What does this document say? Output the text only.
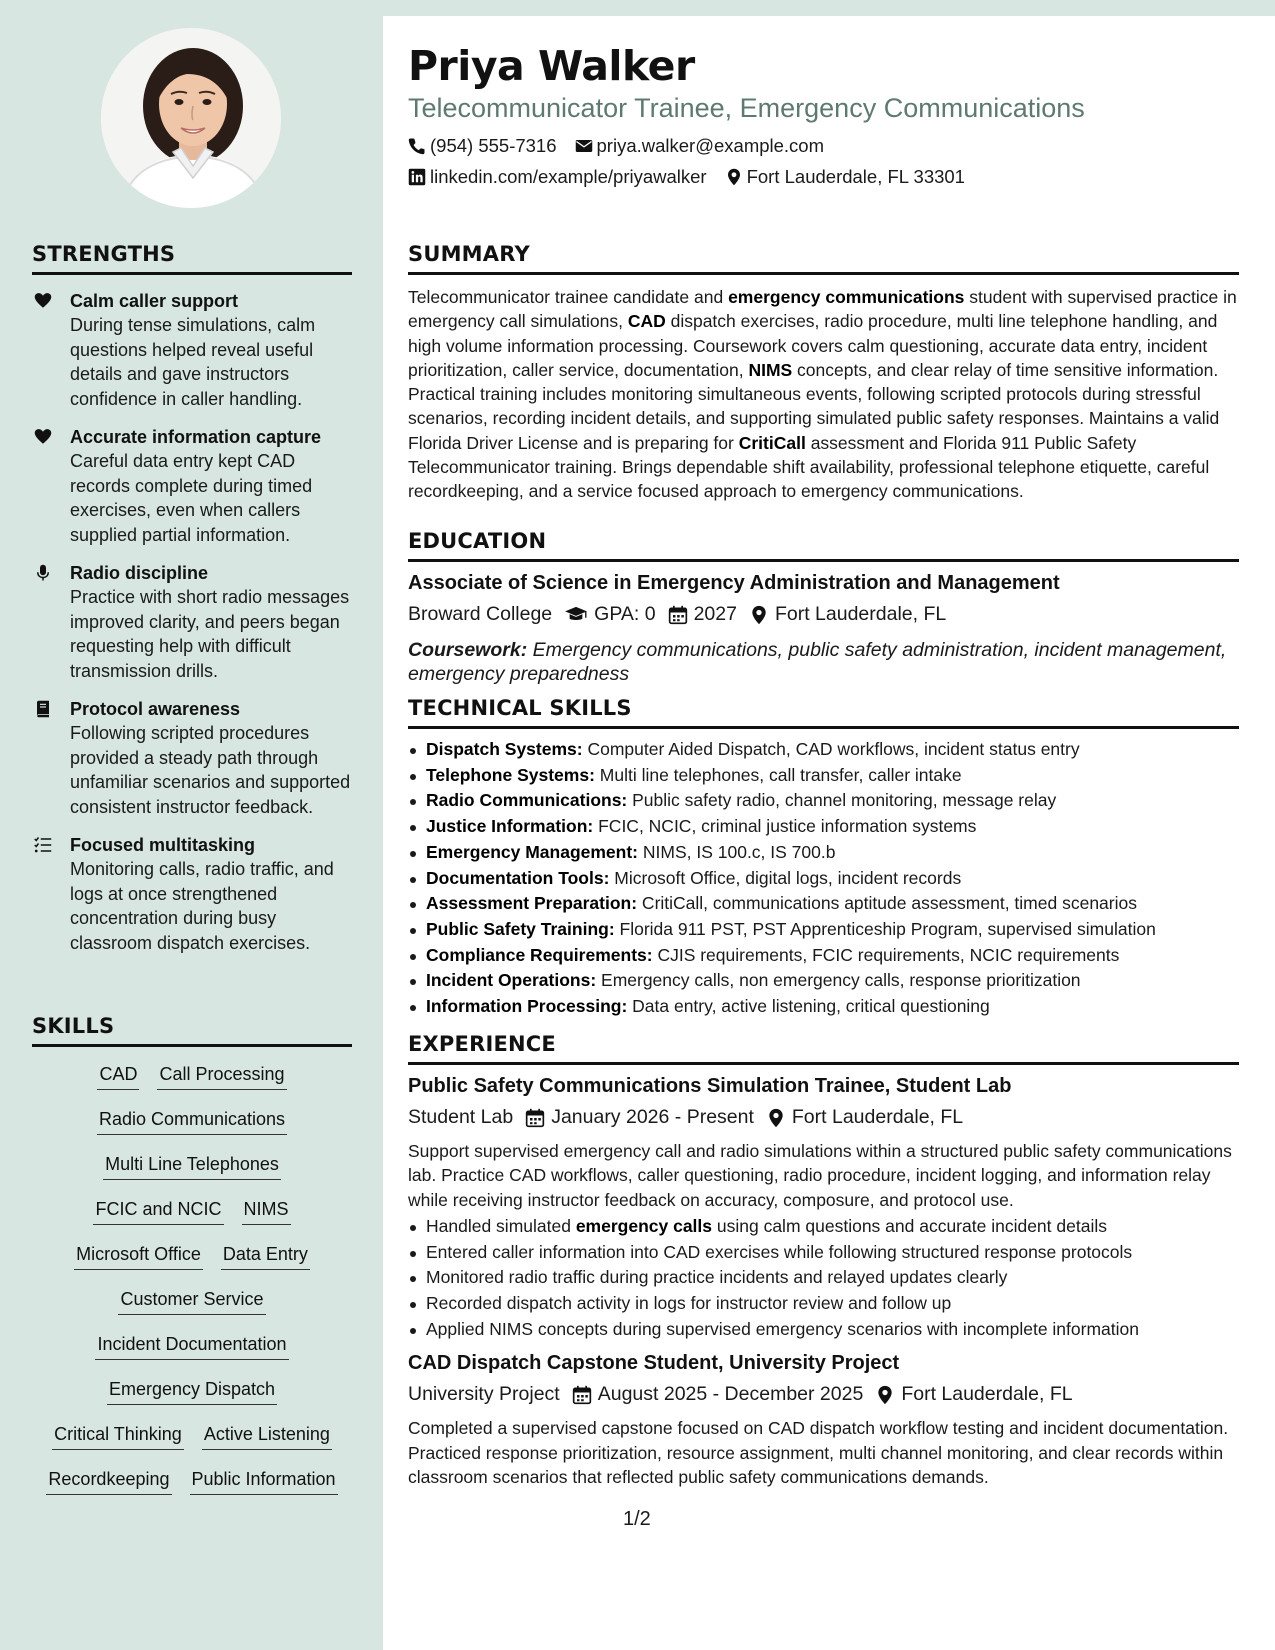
STRENGTHS
Calm caller support
During tense simulations, calm questions helped reveal useful details and gave instructors confidence in caller handling.
Accurate information capture
Careful data entry kept CAD records complete during timed exercises, even when callers supplied partial information.
Radio discipline
Practice with short radio messages improved clarity, and peers began requesting help with difficult transmission drills.
Protocol awareness
Following scripted procedures provided a steady path through unfamiliar scenarios and supported consistent instructor feedback.
Focused multitasking
Monitoring calls, radio traffic, and logs at once strengthened concentration during busy classroom dispatch exercises.
SKILLS
CAD Call Processing
Radio Communications
Multi Line Telephones
FCIC and NCIC NIMS
Microsoft Office Data Entry
Customer Service
Incident Documentation
Emergency Dispatch
Critical Thinking Active Listening
Recordkeeping Public Information
Priya Walker
Telecommunicator Trainee, Emergency Communications
(954) 555-7316 priya.walker@example.com
linkedin.com/example/priyawalker Fort Lauderdale, FL 33301
SUMMARY
Telecommunicator trainee candidate and emergency communications student with supervised practice in emergency call simulations, CAD dispatch exercises, radio procedure, multi line telephone handling, and high volume information processing. Coursework covers calm questioning, accurate data entry, incident prioritization, caller service, documentation, NIMS concepts, and clear relay of time sensitive information. Practical training includes monitoring simultaneous events, following scripted protocols during stressful scenarios, recording incident details, and supporting simulated public safety responses. Maintains a valid Florida Driver License and is preparing for CritiCall assessment and Florida 911 Public Safety Telecommunicator training. Brings dependable shift availability, professional telephone etiquette, careful recordkeeping, and a service focused approach to emergency communications.
EDUCATION
Associate of Science in Emergency Administration and Management
Broward College GPA: 0 2027 Fort Lauderdale, FL
Coursework: Emergency communications, public safety administration, incident management, emergency preparedness
TECHNICAL SKILLS
Dispatch Systems: Computer Aided Dispatch, CAD workflows, incident status entry
Telephone Systems: Multi line telephones, call transfer, caller intake
Radio Communications: Public safety radio, channel monitoring, message relay
Justice Information: FCIC, NCIC, criminal justice information systems
Emergency Management: NIMS, IS 100.c, IS 700.b
Documentation Tools: Microsoft Office, digital logs, incident records
Assessment Preparation: CritiCall, communications aptitude assessment, timed scenarios
Public Safety Training: Florida 911 PST, PST Apprenticeship Program, supervised simulation
Compliance Requirements: CJIS requirements, FCIC requirements, NCIC requirements
Incident Operations: Emergency calls, non emergency calls, response prioritization
Information Processing: Data entry, active listening, critical questioning
EXPERIENCE
Public Safety Communications Simulation Trainee, Student Lab
Student Lab January 2026 - Present Fort Lauderdale, FL
Support supervised emergency call and radio simulations within a structured public safety communications lab. Practice CAD workflows, caller questioning, radio procedure, incident logging, and information relay while receiving instructor feedback on accuracy, composure, and protocol use.
Handled simulated emergency calls using calm questions and accurate incident details
Entered caller information into CAD exercises while following structured response protocols
Monitored radio traffic during practice incidents and relayed updates clearly
Recorded dispatch activity in logs for instructor review and follow up
Applied NIMS concepts during supervised emergency scenarios with incomplete information
CAD Dispatch Capstone Student, University Project
University Project August 2025 - December 2025 Fort Lauderdale, FL
Completed a supervised capstone focused on CAD dispatch workflow testing and incident documentation. Practiced response prioritization, resource assignment, multi channel monitoring, and clear records within classroom scenarios that reflected public safety communications demands.
1/2
